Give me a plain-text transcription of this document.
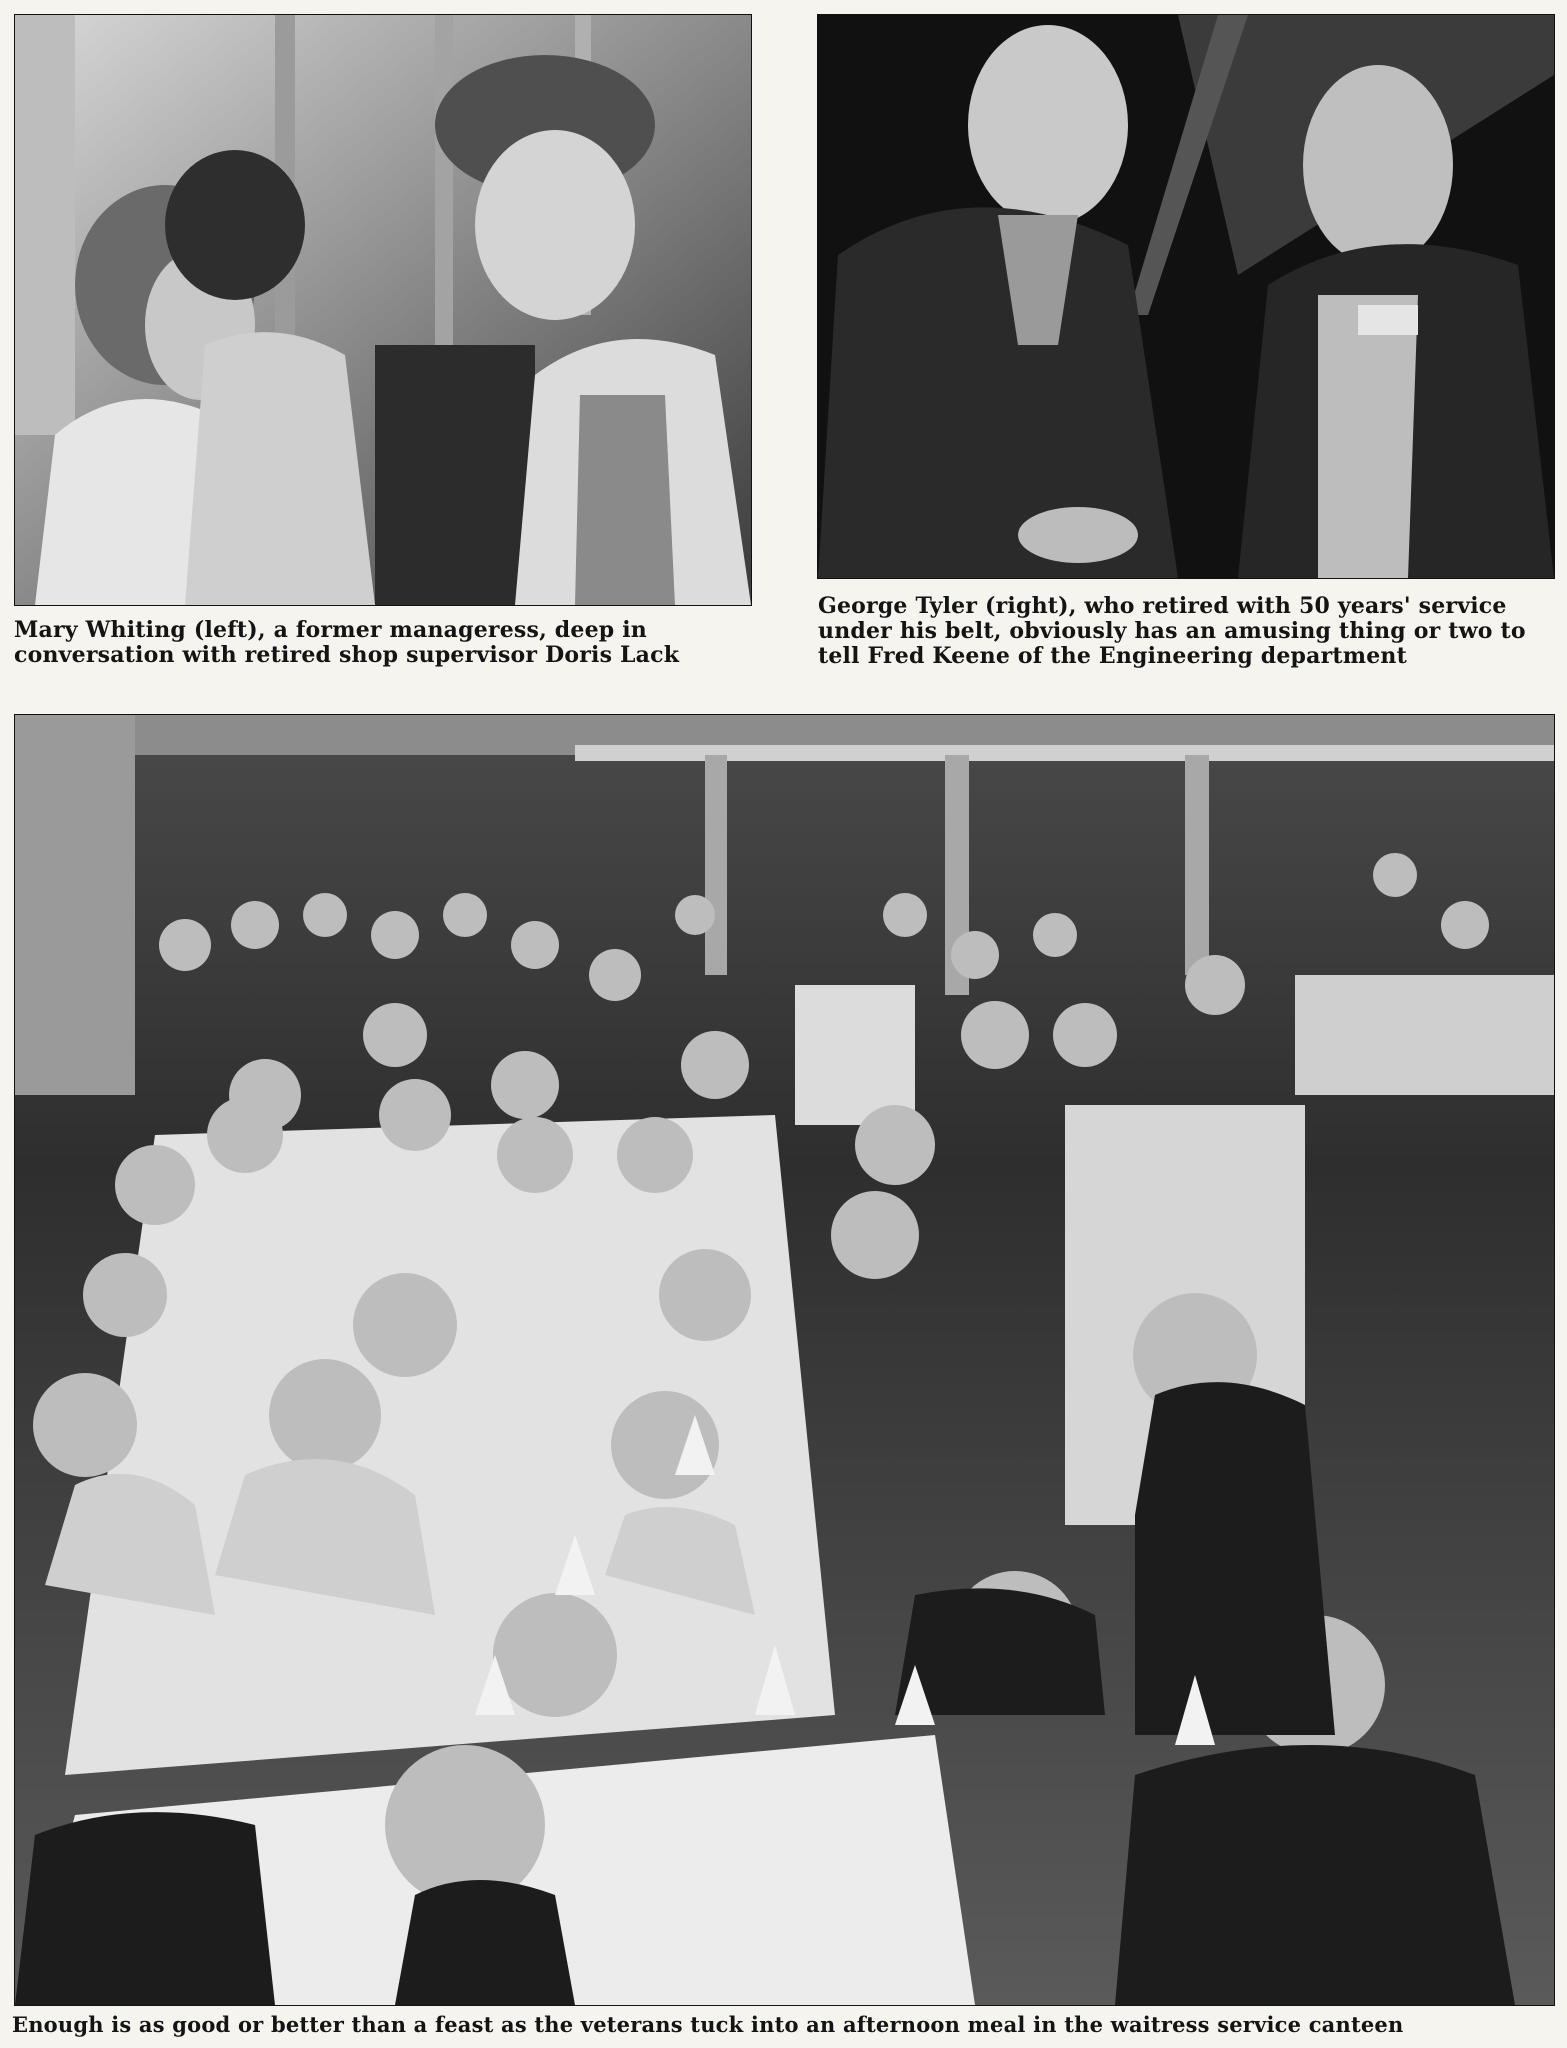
Mary Whiting (left), a former manageress, deep in conversation with retired shop supervisor Doris Lack
George Tyler (right), who retired with 50 years' service under his belt, obviously has an amusing thing or two to tell Fred Keene of the Engineering department
Enough is as good or better than a feast as the veterans tuck into an afternoon meal in the waitress service canteen
